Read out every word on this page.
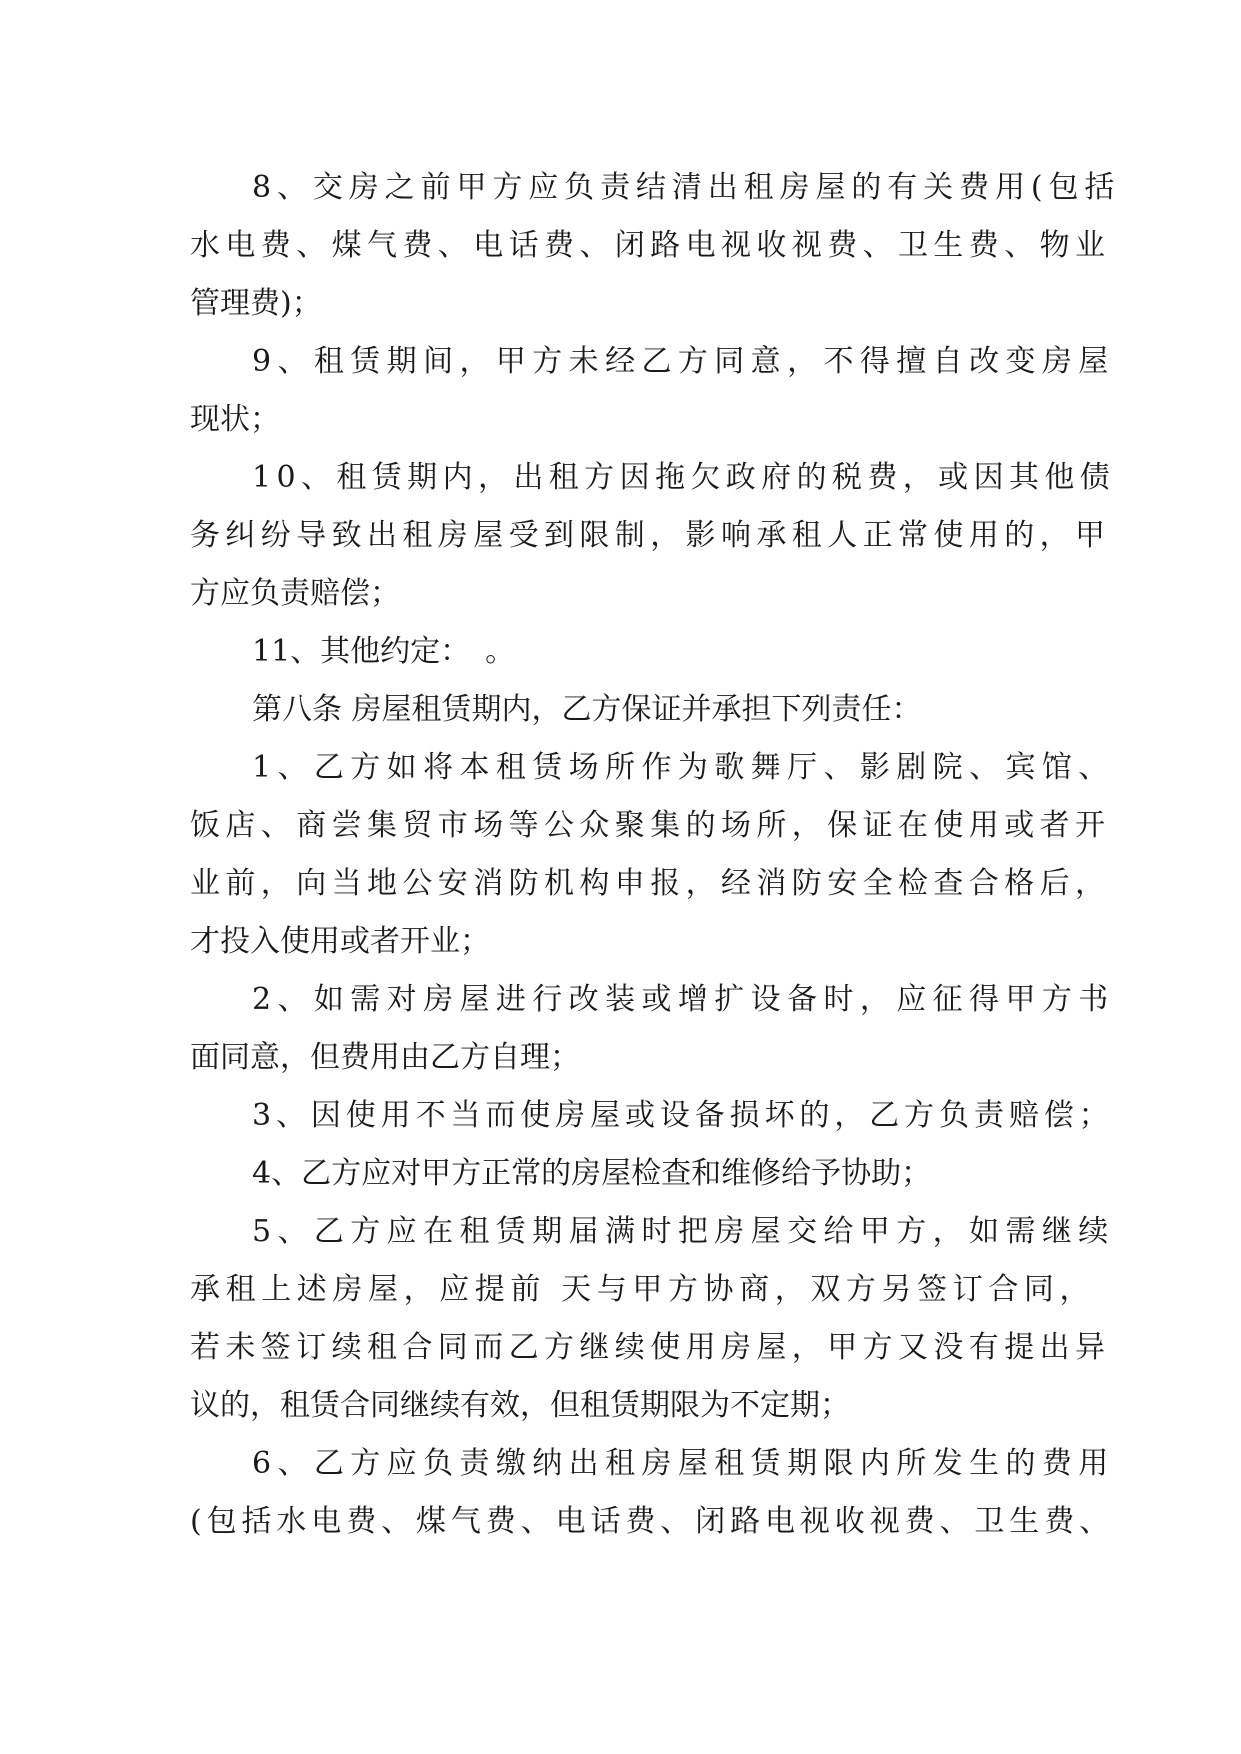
8、交房之前甲方应负责结清出租房屋的有关费用(包括
水电费、煤气费、电话费、闭路电视收视费、卫生费、物业
管理费)；
9、租赁期间，甲方未经乙方同意，不得擅自改变房屋
现状；
10、租赁期内，出租方因拖欠政府的税费，或因其他债
务纠纷导致出租房屋受到限制，影响承租人正常使用的，甲
方应负责赔偿；
11、其他约定：　。
第八条 房屋租赁期内，乙方保证并承担下列责任：
1、乙方如将本租赁场所作为歌舞厅、影剧院、宾馆、
饭店、商尝集贸市场等公众聚集的场所，保证在使用或者开
业前，向当地公安消防机构申报，经消防安全检查合格后，
才投入使用或者开业；
2、如需对房屋进行改装或增扩设备时，应征得甲方书
面同意，但费用由乙方自理；
3、因使用不当而使房屋或设备损坏的，乙方负责赔偿；
4、乙方应对甲方正常的房屋检查和维修给予协助；
5、乙方应在租赁期届满时把房屋交给甲方，如需继续
承租上述房屋，应提前 天与甲方协商，双方另签订合同，
若未签订续租合同而乙方继续使用房屋，甲方又没有提出异
议的，租赁合同继续有效，但租赁期限为不定期；
6、乙方应负责缴纳出租房屋租赁期限内所发生的费用
(包括水电费、煤气费、电话费、闭路电视收视费、卫生费、
